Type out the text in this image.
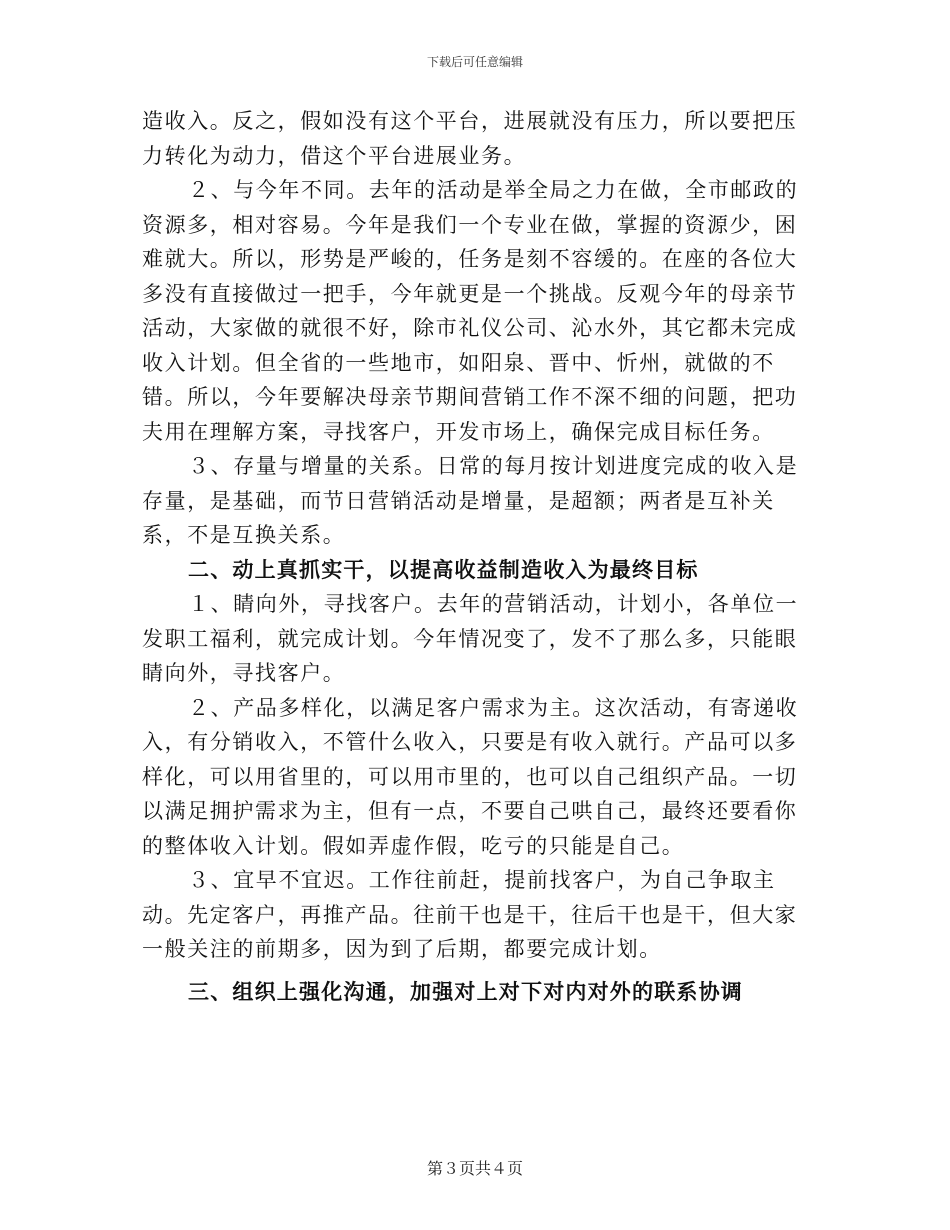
下载后可任意编辑

造收入。反之，假如没有这个平台，进展就没有压力，所以要把压力转化为动力，借这个平台进展业务。

２、与今年不同。去年的活动是举全局之力在做，全市邮政的资源多，相对容易。今年是我们一个专业在做，掌握的资源少，困难就大。所以，形势是严峻的，任务是刻不容缓的。在座的各位大多没有直接做过一把手，今年就更是一个挑战。反观今年的母亲节活动，大家做的就很不好，除市礼仪公司、沁水外，其它都未完成收入计划。但全省的一些地市，如阳泉、晋中、忻州，就做的不错。所以，今年要解决母亲节期间营销工作不深不细的问题，把功夫用在理解方案，寻找客户，开发市场上，确保完成目标任务。

３、存量与增量的关系。日常的每月按计划进度完成的收入是存量，是基础，而节日营销活动是增量，是超额；两者是互补关系，不是互换关系。

二、动上真抓实干，以提高收益制造收入为最终目标

１、睛向外，寻找客户。去年的营销活动，计划小，各单位一发职工福利，就完成计划。今年情况变了，发不了那么多，只能眼睛向外，寻找客户。

２、产品多样化，以满足客户需求为主。这次活动，有寄递收入，有分销收入，不管什么收入，只要是有收入就行。产品可以多样化，可以用省里的，可以用市里的，也可以自己组织产品。一切以满足拥护需求为主，但有一点，不要自己哄自己，最终还要看你的整体收入计划。假如弄虚作假，吃亏的只能是自己。

３、宜早不宜迟。工作往前赶，提前找客户，为自己争取主动。先定客户，再推产品。往前干也是干，往后干也是干，但大家一般关注的前期多，因为到了后期，都要完成计划。

三、组织上强化沟通，加强对上对下对内对外的联系协调

第３页共４页
